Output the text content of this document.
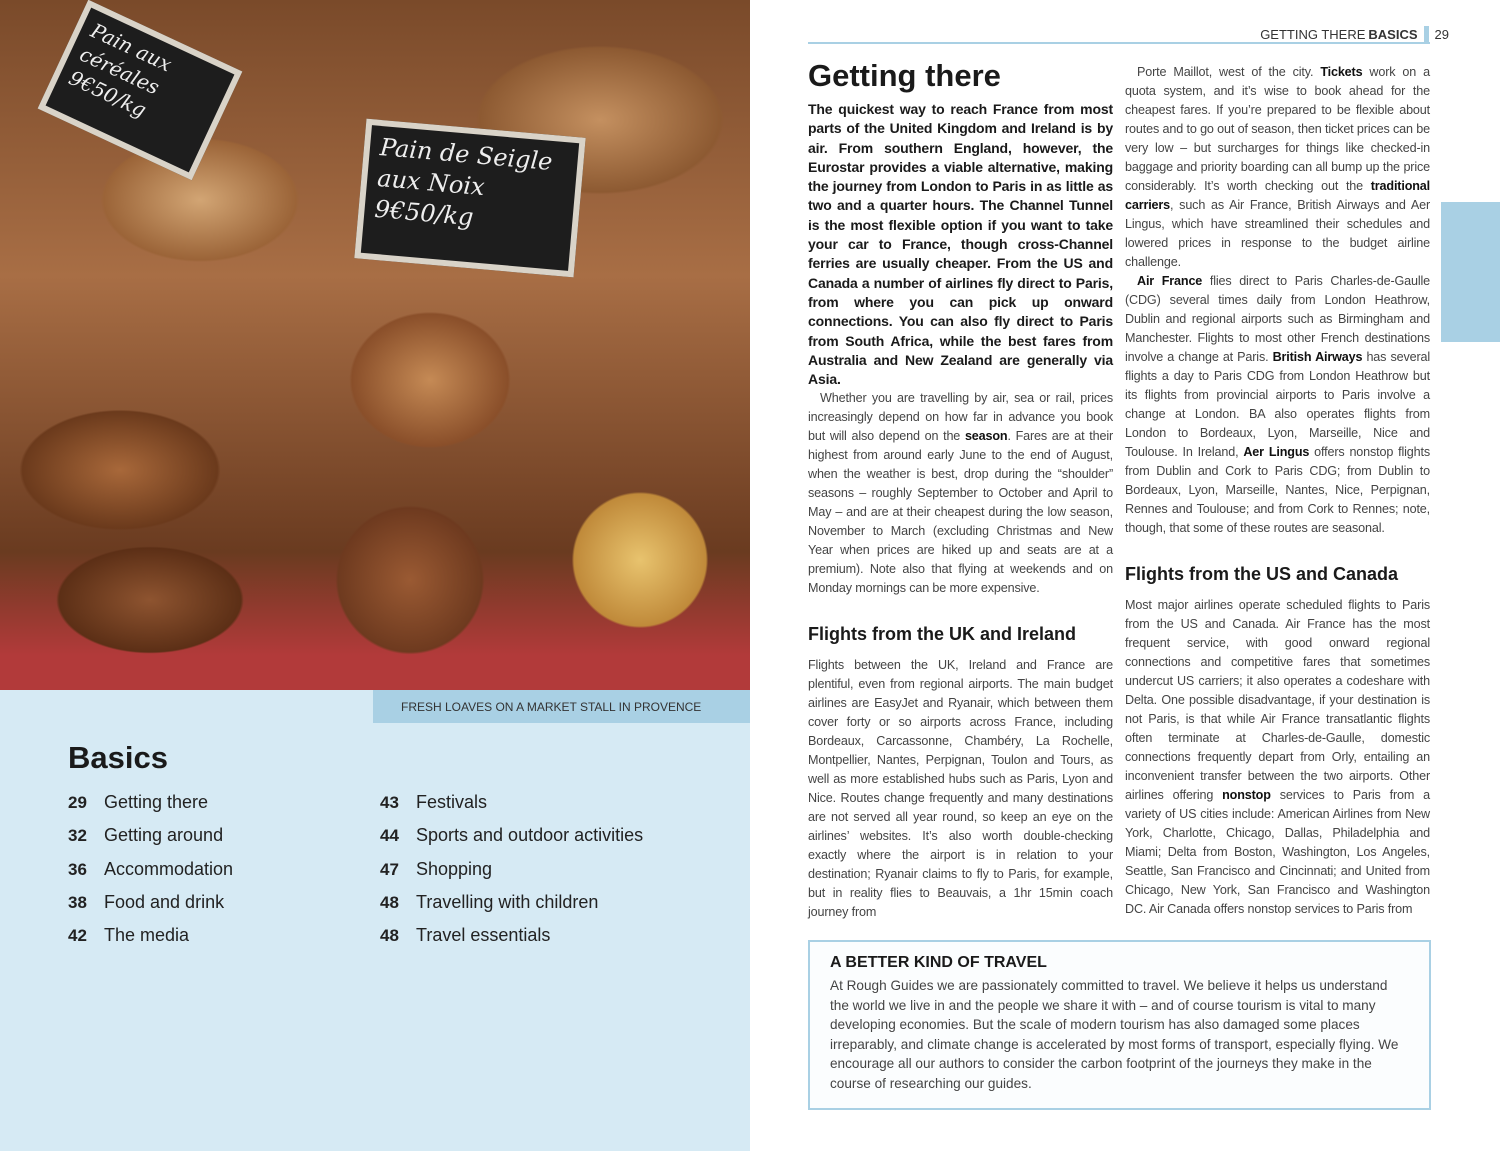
Pain de Seigle aux Noix 9€50/kg
Pain aux céréales 9€50/kg
FRESH LOAVES ON A MARKET STALL IN PROVENCE
Basics
29 Getting there
32 Getting around
36 Accommodation
38 Food and drink
42 The media
43 Festivals
44 Sports and outdoor activities
47 Shopping
48 Travelling with children
48 Travel essentials
GETTING THERE BASICS 29
Getting there
The quickest way to reach France from most parts of the United Kingdom and Ireland is by air. From southern England, however, the Eurostar provides a viable alternative, making the journey from London to Paris in as little as two and a quarter hours. The Channel Tunnel is the most flexible option if you want to take your car to France, though cross-Channel ferries are usually cheaper. From the US and Canada a number of airlines fly direct to Paris, from where you can pick up onward connections. You can also fly direct to Paris from South Africa, while the best fares from Australia and New Zealand are generally via Asia.

Whether you are travelling by air, sea or rail, prices increasingly depend on how far in advance you book but will also depend on the season. Fares are at their highest from around early June to the end of August, when the weather is best, drop during the “shoulder” seasons – roughly September to October and April to May – and are at their cheapest during the low season, November to March (excluding Christmas and New Year when prices are hiked up and seats are at a premium). Note also that flying at weekends and on Monday mornings can be more expensive.

Flights from the UK and Ireland

Flights between the UK, Ireland and France are plentiful, even from regional airports. The main budget airlines are EasyJet and Ryanair, which between them cover forty or so airports across France, including Bordeaux, Carcassonne, Chambéry, La Rochelle, Montpellier, Nantes, Perpignan, Toulon and Tours, as well as more established hubs such as Paris, Lyon and Nice. Routes change frequently and many destinations are not served all year round, so keep an eye on the airlines’ websites. It’s also worth double-checking exactly where the airport is in relation to your destination; Ryanair claims to fly to Paris, for example, but in reality flies to Beauvais, a 1hr 15min coach journey from

Porte Maillot, west of the city. Tickets work on a quota system, and it’s wise to book ahead for the cheapest fares. If you’re prepared to be flexible about routes and to go out of season, then ticket prices can be very low – but surcharges for things like checked-in baggage and priority boarding can all bump up the price considerably. It’s worth checking out the traditional carriers, such as Air France, British Airways and Aer Lingus, which have streamlined their schedules and lowered prices in response to the budget airline challenge.

Air France flies direct to Paris Charles-de-Gaulle (CDG) several times daily from London Heathrow, Dublin and regional airports such as Birmingham and Manchester. Flights to most other French destinations involve a change at Paris. British Airways has several flights a day to Paris CDG from London Heathrow but its flights from provincial airports to Paris involve a change at London. BA also operates flights from London to Bordeaux, Lyon, Marseille, Nice and Toulouse. In Ireland, Aer Lingus offers nonstop flights from Dublin and Cork to Paris CDG; from Dublin to Bordeaux, Lyon, Marseille, Nantes, Nice, Perpignan, Rennes and Toulouse; and from Cork to Rennes; note, though, that some of these routes are seasonal.

Flights from the US and Canada

Most major airlines operate scheduled flights to Paris from the US and Canada. Air France has the most frequent service, with good onward regional connections and competitive fares that sometimes undercut US carriers; it also operates a codeshare with Delta. One possible disadvantage, if your destination is not Paris, is that while Air France transatlantic flights often terminate at Charles-de-Gaulle, domestic connections frequently depart from Orly, entailing an inconvenient transfer between the two airports. Other airlines offering nonstop services to Paris from a variety of US cities include: American Airlines from New York, Charlotte, Chicago, Dallas, Philadelphia and Miami; Delta from Boston, Washington, Los Angeles, Seattle, San Francisco and Cincinnati; and United from Chicago, New York, San Francisco and Washington DC. Air Canada offers nonstop services to Paris from

A BETTER KIND OF TRAVEL

At Rough Guides we are passionately committed to travel. We believe it helps us understand the world we live in and the people we share it with – and of course tourism is vital to many developing economies. But the scale of modern tourism has also damaged some places irreparably, and climate change is accelerated by most forms of transport, especially flying. We encourage all our authors to consider the carbon footprint of the journeys they make in the course of researching our guides.
